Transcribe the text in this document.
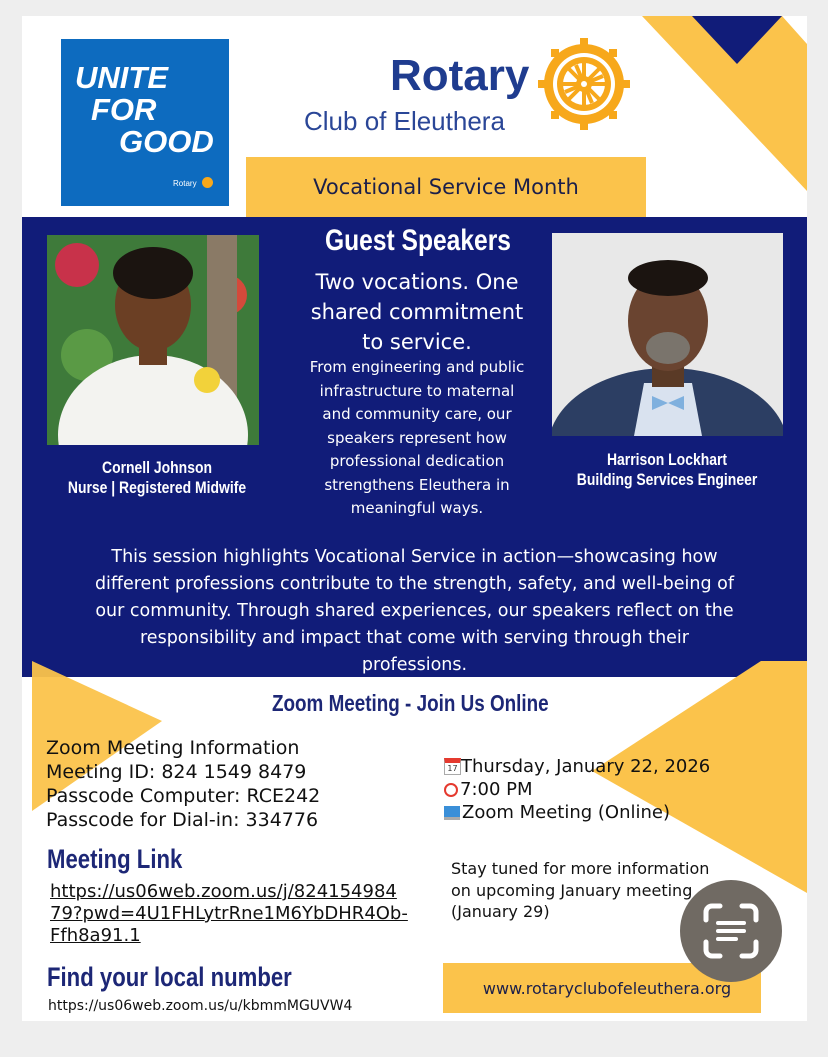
UNITE
FOR
GOOD
Rotary
Rotary
Club of Eleuthera
Vocational Service Month
Guest Speakers
Two vocations. One
shared commitment
to service.
From engineering and public
infrastructure to maternal
and community care, our
speakers represent how
professional dedication
strengthens Eleuthera in
meaningful ways.
Cornell Johnson
Nurse | Registered Midwife
Harrison Lockhart
Building Services Engineer
This session highlights Vocational Service in action—showcasing how
different professions contribute to the strength, safety, and well-being of
our community. Through shared experiences, our speakers reflect on the
responsibility and impact that come with serving through their
professions.
Zoom Meeting - Join Us Online
Zoom Meeting Information
Meeting ID: 824 1549 8479
Passcode Computer: RCE242
Passcode for Dial-in: 334776
17 Thursday, January 22, 2026
7:00 PM
Zoom Meeting (Online)
Meeting Link
https://us06web.zoom.us/j/824154984
79?pwd=4U1FHLytrRne1M6YbDHR4Ob-
Ffh8a91.1
Stay tuned for more information
on upcoming January meeting
(January 29)
Find your local number
https://us06web.zoom.us/u/kbmmMGUVW4
www.rotaryclubofeleuthera.org
